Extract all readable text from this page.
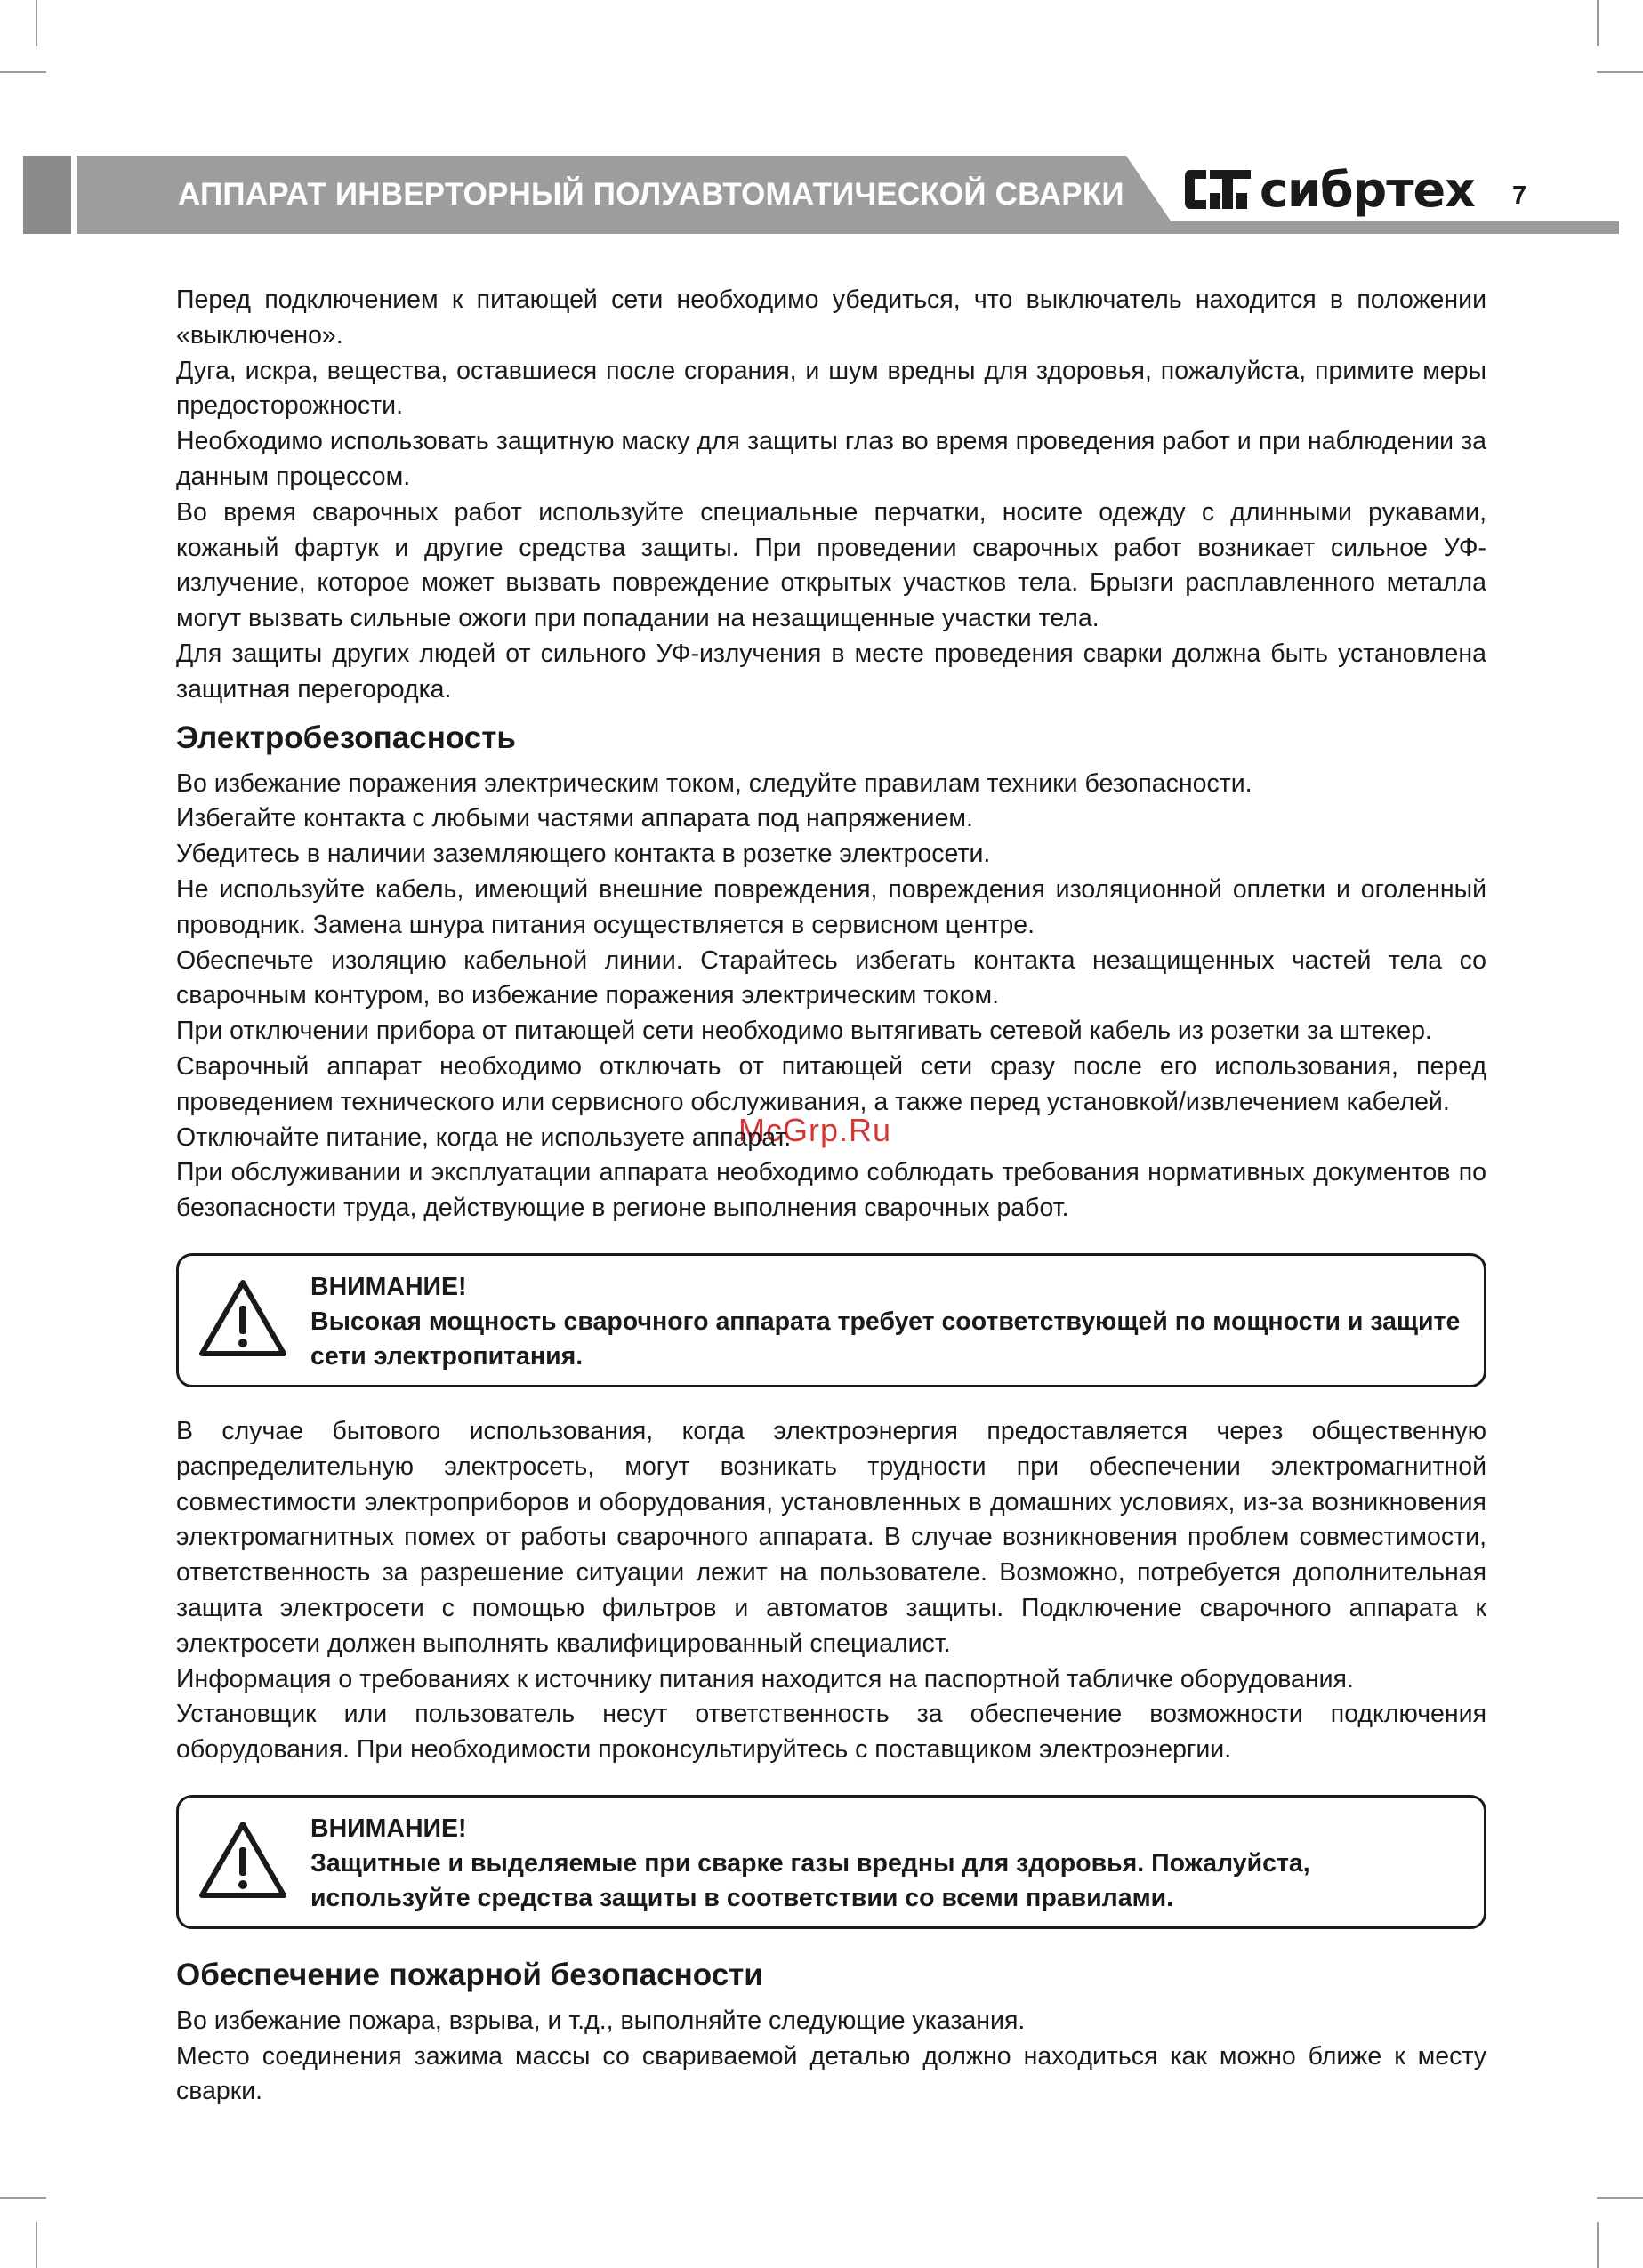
АППАРАТ ИНВЕРТОРНЫЙ ПОЛУАВТОМАТИЧЕСКОЙ СВАРКИ	сибртех 7
McGrp.Ru

Перед подключением к питающей сети необходимо убедиться, что выключатель находится в положении «выключено».

Дуга, искра, вещества, оставшиеся после сгорания, и шум вредны для здоровья, пожалуйста, примите меры предосторожности.

Необходимо использовать защитную маску для защиты глаз во время проведения работ и при наблюдении за данным процессом.

Во время сварочных работ используйте специальные перчатки, носите одежду с длинными рукавами, кожаный фартук и другие средства защиты. При проведении сварочных работ возникает сильное УФ-излучение, которое может вызвать повреждение открытых участков тела. Брызги расплавленного металла могут вызвать сильные ожоги при попадании на незащищенные участки тела.

Для защиты других людей от сильного УФ-излучения в месте проведения сварки должна быть установлена защитная перегородка.

Электробезопасность

Во избежание поражения электрическим током, следуйте правилам техники безопасности.

Избегайте контакта с любыми частями аппарата под напряжением.

Убедитесь в наличии заземляющего контакта в розетке электросети.

Не используйте кабель, имеющий внешние повреждения, повреждения изоляционной оплетки и оголенный проводник. Замена шнура питания осуществляется в сервисном центре.

Обеспечьте изоляцию кабельной линии. Старайтесь избегать контакта незащищенных частей тела со сварочным контуром, во избежание поражения электрическим током.

При отключении прибора от питающей сети необходимо вытягивать сетевой кабель из розетки за штекер.

Сварочный аппарат необходимо отключать от питающей сети сразу после его использования, перед проведением технического или сервисного обслуживания, а также перед установкой/извлечением кабелей.

Отключайте питание, когда не используете аппарат.

При обслуживании и эксплуатации аппарата необходимо соблюдать требования нормативных документов по безопасности труда, действующие в регионе выполнения сварочных работ.

ВНИМАНИЕ!
Высокая мощность сварочного аппарата требует соответствующей по мощности и защите сети электропитания.

В случае бытового использования, когда электроэнергия предоставляется через общественную распределительную электросеть, могут возникать трудности при обеспечении электромагнитной совместимости электроприборов и оборудования, установленных в домашних условиях, из-за возникновения электромагнитных помех от работы сварочного аппарата. В случае возникновения проблем совместимости, ответственность за разрешение ситуации лежит на пользователе. Возможно, потребуется дополнительная защита электросети с помощью фильтров и автоматов защиты. Подключение сварочного аппарата к электросети должен выполнять квалифицированный специалист.

Информация о требованиях к источнику питания находится на паспортной табличке оборудования.

Установщик или пользователь несут ответственность за обеспечение возможности подключения оборудования. При необходимости проконсультируйтесь с поставщиком электроэнергии.

ВНИМАНИЕ!
Защитные и выделяемые при сварке газы вредны для здоровья. Пожалуйста, используйте средства защиты в соответствии со всеми правилами.
Обеспечение пожарной безопасности

Во избежание пожара, взрыва, и т.д., выполняйте следующие указания.

Место соединения зажима массы со свариваемой деталью должно находиться как можно ближе к месту сварки.
